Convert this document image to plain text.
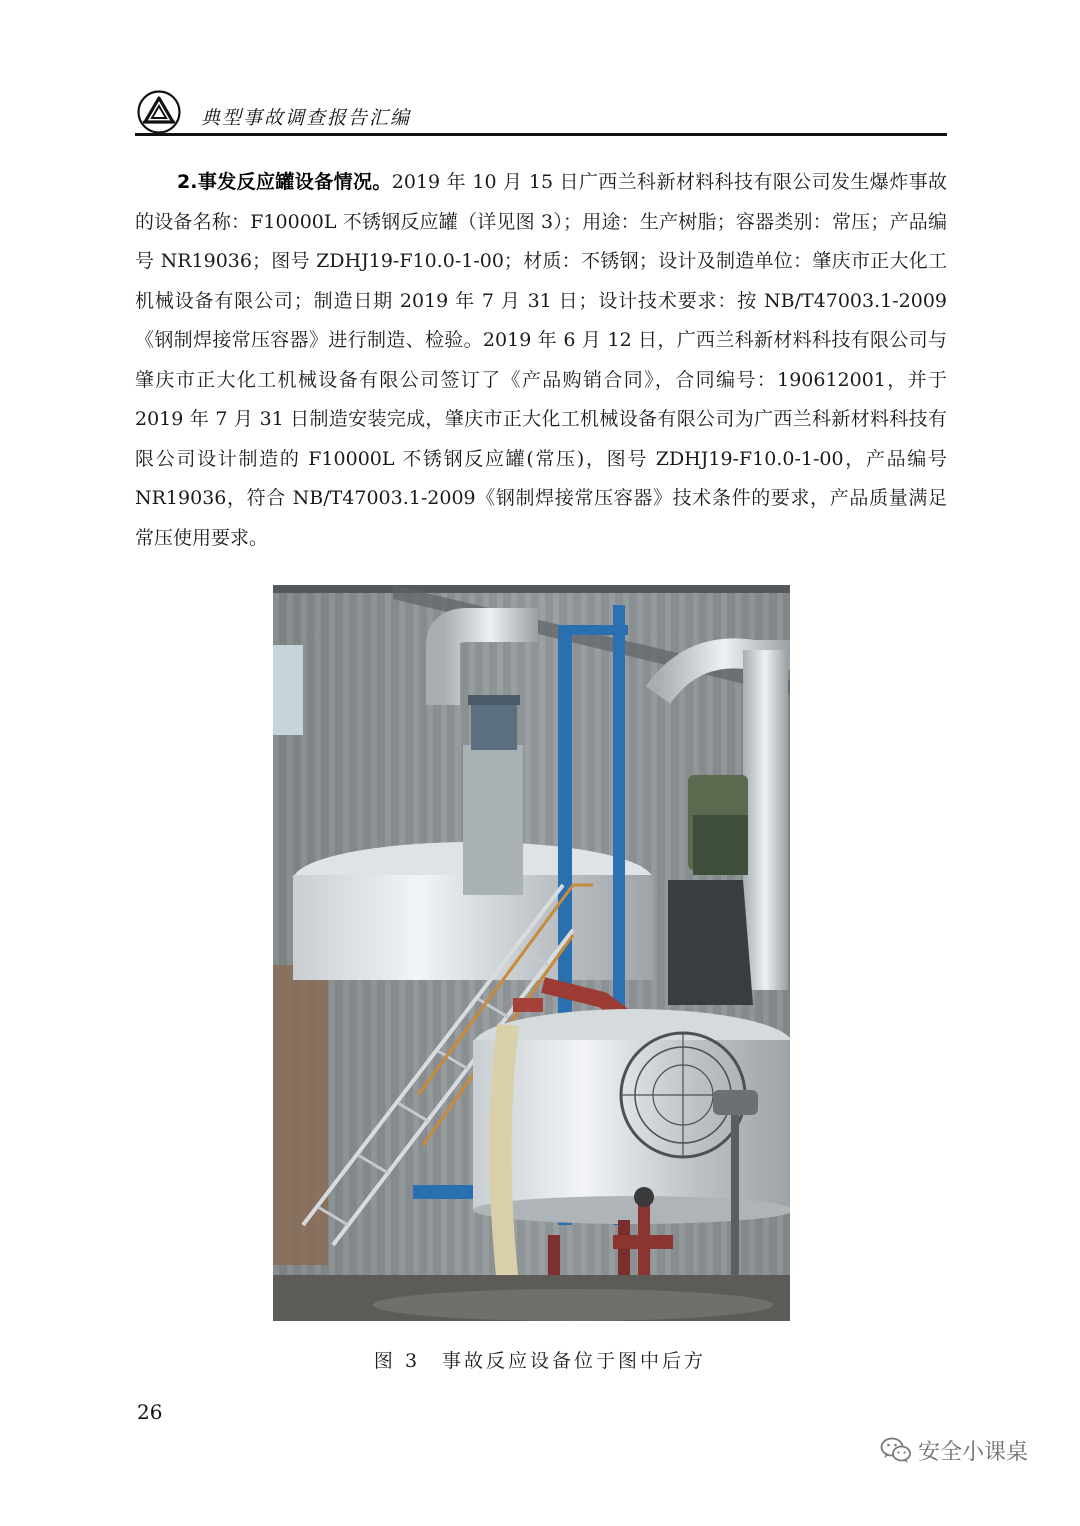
典型事故调查报告汇编

2.事发反应罐设备情况。2019 年 10 月 15 日广西兰科新材料科技有限公司发生爆炸事故的设备名称：F10000L 不锈钢反应罐（详见图 3）；用途：生产树脂；容器类别：常压；产品编号 NR19036；图号 ZDHJ19-F10.0-1-00；材质：不锈钢；设计及制造单位：肇庆市正大化工机械设备有限公司；制造日期 2019 年 7 月 31 日；设计技术要求：按 NB/T47003.1-2009《钢制焊接常压容器》进行制造、检验。2019 年 6 月 12 日，广西兰科新材料科技有限公司与肇庆市正大化工机械设备有限公司签订了《产品购销合同》，合同编号：190612001，并于 2019 年 7 月 31 日制造安装完成，肇庆市正大化工机械设备有限公司为广西兰科新材料科技有限公司设计制造的 F10000L 不锈钢反应罐(常压)，图号 ZDHJ19-F10.0-1-00，产品编号 NR19036，符合 NB/T47003.1-2009《钢制焊接常压容器》技术条件的要求，产品质量满足常压使用要求。

图 3　事故反应设备位于图中后方
26
安全小课桌
